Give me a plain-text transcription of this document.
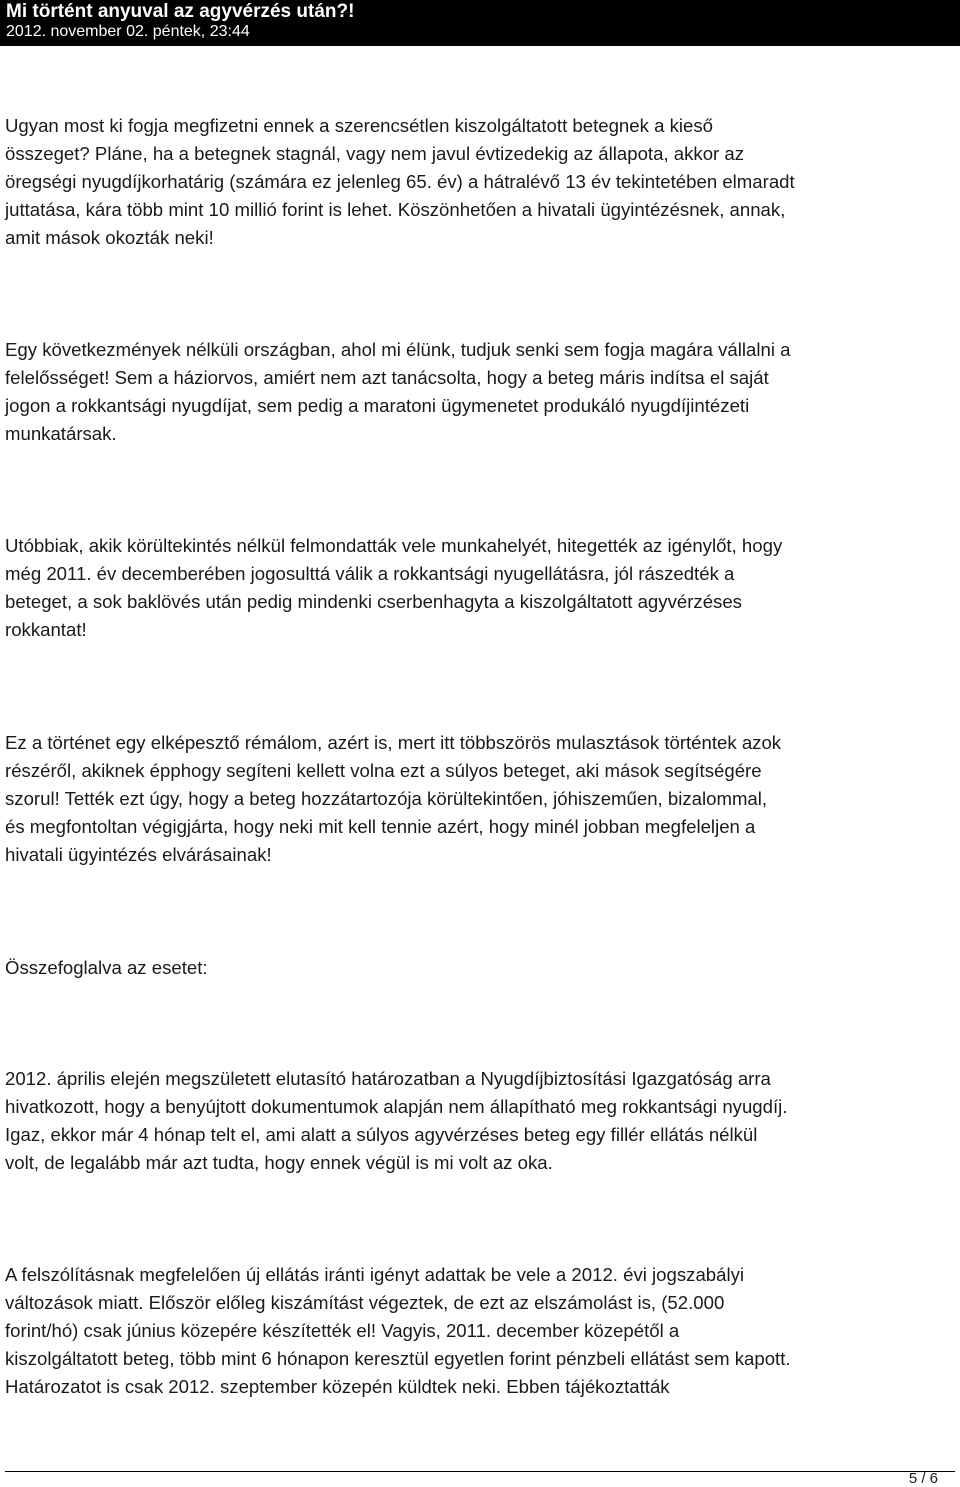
Mi történt anyuval az agyvérzés után?!
2012. november 02. péntek, 23:44

Ugyan most ki fogja megfizetni ennek a szerencsétlen kiszolgáltatott betegnek a kieső
összeget? Pláne, ha a betegnek stagnál, vagy nem javul évtizedekig az állapota, akkor az
öregségi nyugdíjkorhatárig (számára ez jelenleg 65. év) a hátralévő 13 év tekintetében elmaradt
juttatása, kára több mint 10 millió forint is lehet. Köszönhetően a hivatali ügyintézésnek, annak,
amit mások okozták neki!

Egy következmények nélküli országban, ahol mi élünk, tudjuk senki sem fogja magára vállalni a
felelősséget! Sem a háziorvos, amiért nem azt tanácsolta, hogy a beteg máris indítsa el saját
jogon a rokkantsági nyugdíjat, sem pedig a maratoni ügymenetet produkáló nyugdíjintézeti
munkatársak.

Utóbbiak, akik körültekintés nélkül felmondatták vele munkahelyét, hitegették az igénylőt, hogy
még 2011. év decemberében jogosulttá válik a rokkantsági nyugellátásra, jól rászedték a
beteget, a sok baklövés után pedig mindenki cserbenhagyta a kiszolgáltatott agyvérzéses
rokkantat!

Ez a történet egy elképesztő rémálom, azért is, mert itt többszörös mulasztások történtek azok
részéről, akiknek épphogy segíteni kellett volna ezt a súlyos beteget, aki mások segítségére
szorul! Tették ezt úgy, hogy a beteg hozzátartozója körültekintően, jóhiszeműen, bizalommal,
és megfontoltan végigjárta, hogy neki mit kell tennie azért, hogy minél jobban megfeleljen a
hivatali ügyintézés elvárásainak!

Összefoglalva az esetet:

2012. április elején megszületett elutasító határozatban a Nyugdíjbiztosítási Igazgatóság arra
hivatkozott, hogy a benyújtott dokumentumok alapján nem állapítható meg rokkantsági nyugdíj.
Igaz, ekkor már 4 hónap telt el, ami alatt a súlyos agyvérzéses beteg egy fillér ellátás nélkül
volt, de legalább már azt tudta, hogy ennek végül is mi volt az oka.

A felszólításnak megfelelően új ellátás iránti igényt adattak be vele a 2012. évi jogszabályi
változások miatt. Először előleg kiszámítást végeztek, de ezt az elszámolást is, (52.000
forint/hó) csak június közepére készítették el! Vagyis, 2011. december közepétől a
kiszolgáltatott beteg, több mint 6 hónapon keresztül egyetlen forint pénzbeli ellátást sem kapott.
Határozatot is csak 2012. szeptember közepén küldtek neki. Ebben tájékoztatták

5 / 6
